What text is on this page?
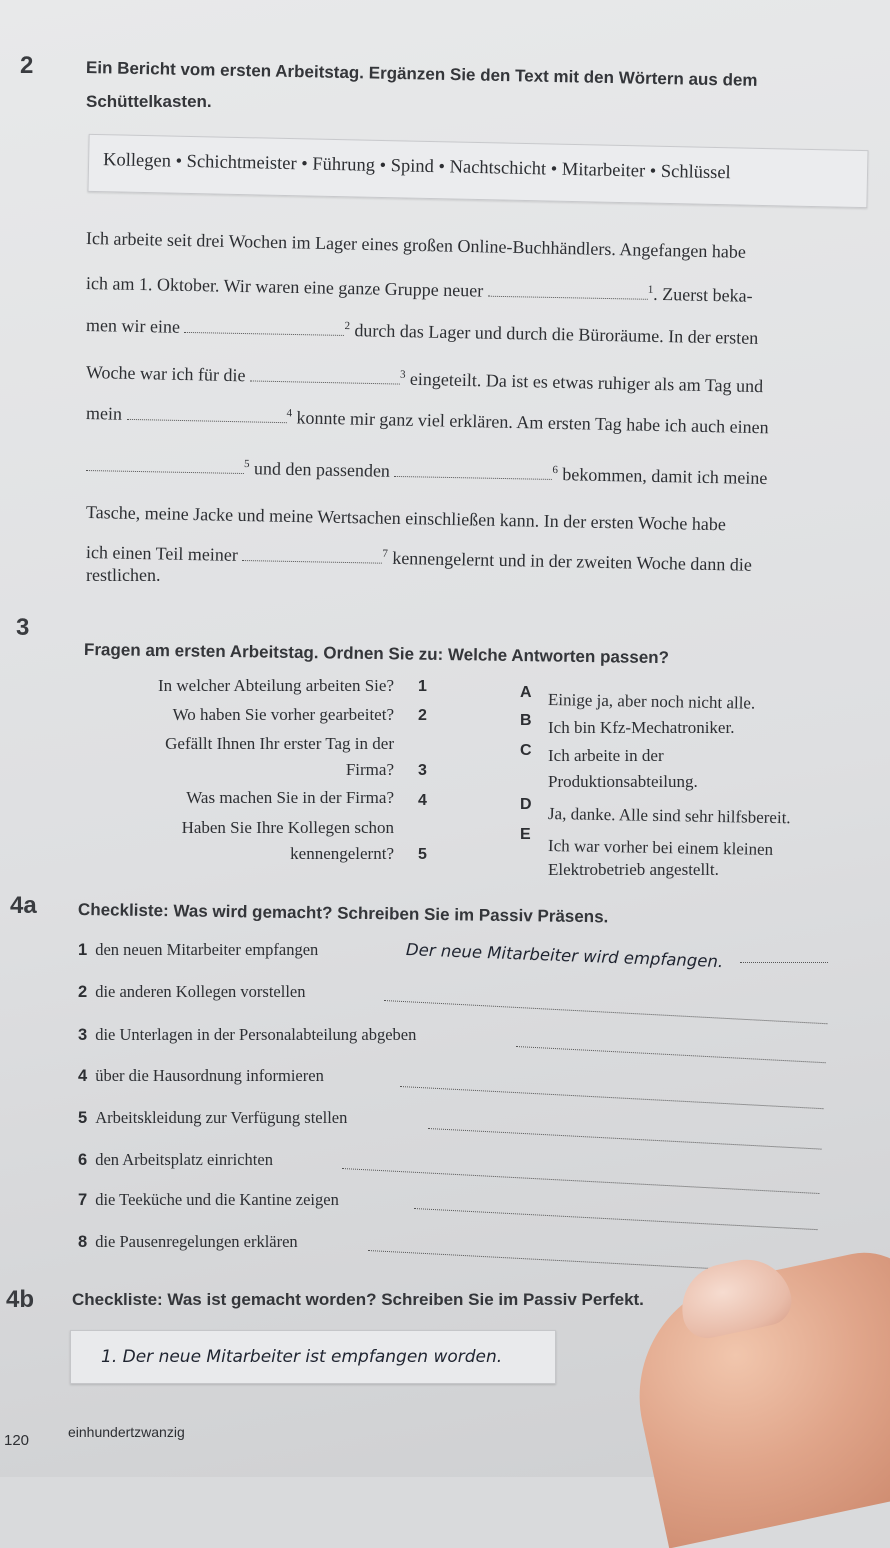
2	Ein Bericht vom ersten Arbeitstag. Ergänzen Sie den Text mit den Wörtern aus dem
Schüttelkasten.
Kollegen • Schichtmeister • Führung • Spind • Nachtschicht • Mitarbeiter • Schlüssel
Ich arbeite seit drei Wochen im Lager eines großen Online-Buchhändlers. Angefangen habe
ich am 1. Oktober. Wir waren eine ganze Gruppe neuer	$^1$. Zuerst beka-
men wir eine	$^2$ durch das Lager und durch die Büroräume. In der ersten
Woche war ich für die	$^3$ eingeteilt. Da ist es etwas ruhiger als am Tag und
mein	$^4$ konnte mir ganz viel erklären. Am ersten Tag habe ich auch einen
$^5$ und den passenden	$^6$ bekommen, damit ich meine
Tasche, meine Jacke und meine Wertsachen einschließen kann. In der ersten Woche habe
ich einen Teil meiner	$^7$ kennengelernt und in der zweiten Woche dann die
restlichen.
3
Fragen am ersten Arbeitstag. Ordnen Sie zu: Welche Antworten passen?
In welcher Abteilung arbeiten Sie? 1
Wo haben Sie vorher gearbeitet? 2
Gefällt Ihnen Ihr erster Tag in der
Firma? 3
Was machen Sie in der Firma? 4
Haben Sie Ihre Kollegen schon
kennengelernt? 5
A Einige ja, aber noch nicht alle.
B Ich bin Kfz-Mechatroniker.
C Ich arbeite in der
Produktionsabteilung.
D Ja, danke. Alle sind sehr hilfsbereit.
E
Ich war vorher bei einem kleinen
Elektrobetrieb angestellt.
4a Checkliste: Was wird gemacht? Schreiben Sie im Passiv Präsens.
1 den neuen Mitarbeiter empfangen	Der neue Mitarbeiter wird empfangen.
2 die anderen Kollegen vorstellen
3 die Unterlagen in der Personalabteilung abgeben
4 über die Hausordnung informieren
5 Arbeitskleidung zur Verfügung stellen
6 den Arbeitsplatz einrichten
7 die Teeküche und die Kantine zeigen
8 die Pausenregelungen erklären
4b Checkliste: Was ist gemacht worden? Schreiben Sie im Passiv Perfekt.
1. Der neue Mitarbeiter ist empfangen worden.
120	einhundertzwanzig
